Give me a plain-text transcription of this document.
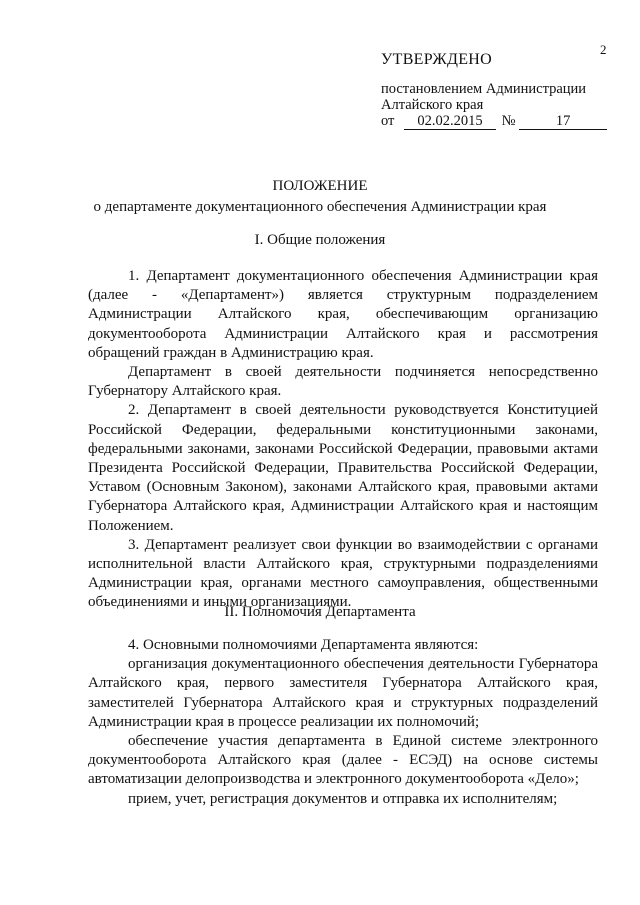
2
УТВЕРЖДЕНО
постановлением Администрации
Алтайского края
от 02.02.2015 №	17
ПОЛОЖЕНИЕ
о департаменте документационного обеспечения Администрации края
I. Общие положения

1. Департамент документационного обеспечения Администрации края (далее - «Департамент») является структурным подразделением Администрации Алтайского края, обеспечивающим организацию документооборота Администрации Алтайского края и рассмотрения обращений граждан в Администрацию края.

Департамент в своей деятельности подчиняется непосредственно Губернатору Алтайского края.

2. Департамент в своей деятельности руководствуется Конституцией Российской Федерации, федеральными конституционными законами, федеральными законами, законами Российской Федерации, правовыми актами Президента Российской Федерации, Правительства Российской Федерации, Уставом (Основным Законом), законами Алтайского края, правовыми актами Губернатора Алтайского края, Администрации Алтайского края и настоящим Положением.

3. Департамент реализует свои функции во взаимодействии с органами исполнительной власти Алтайского края, структурными подразделениями Администрации края, органами местного самоуправления, общественными объединениями и иными организациями.

II. Полномочия Департамента

4. Основными полномочиями Департамента являются:

организация документационного обеспечения деятельности Губернатора Алтайского края, первого заместителя Губернатора Алтайского края, заместителей Губернатора Алтайского края и структурных подразделений Администрации края в процессе реализации их полномочий;

обеспечение участия департамента в Единой системе электронного документооборота Алтайского края (далее - ЕСЭД) на основе системы автоматизации делопроизводства и электронного документооборота «Дело»;

прием, учет, регистрация документов и отправка их исполнителям;
